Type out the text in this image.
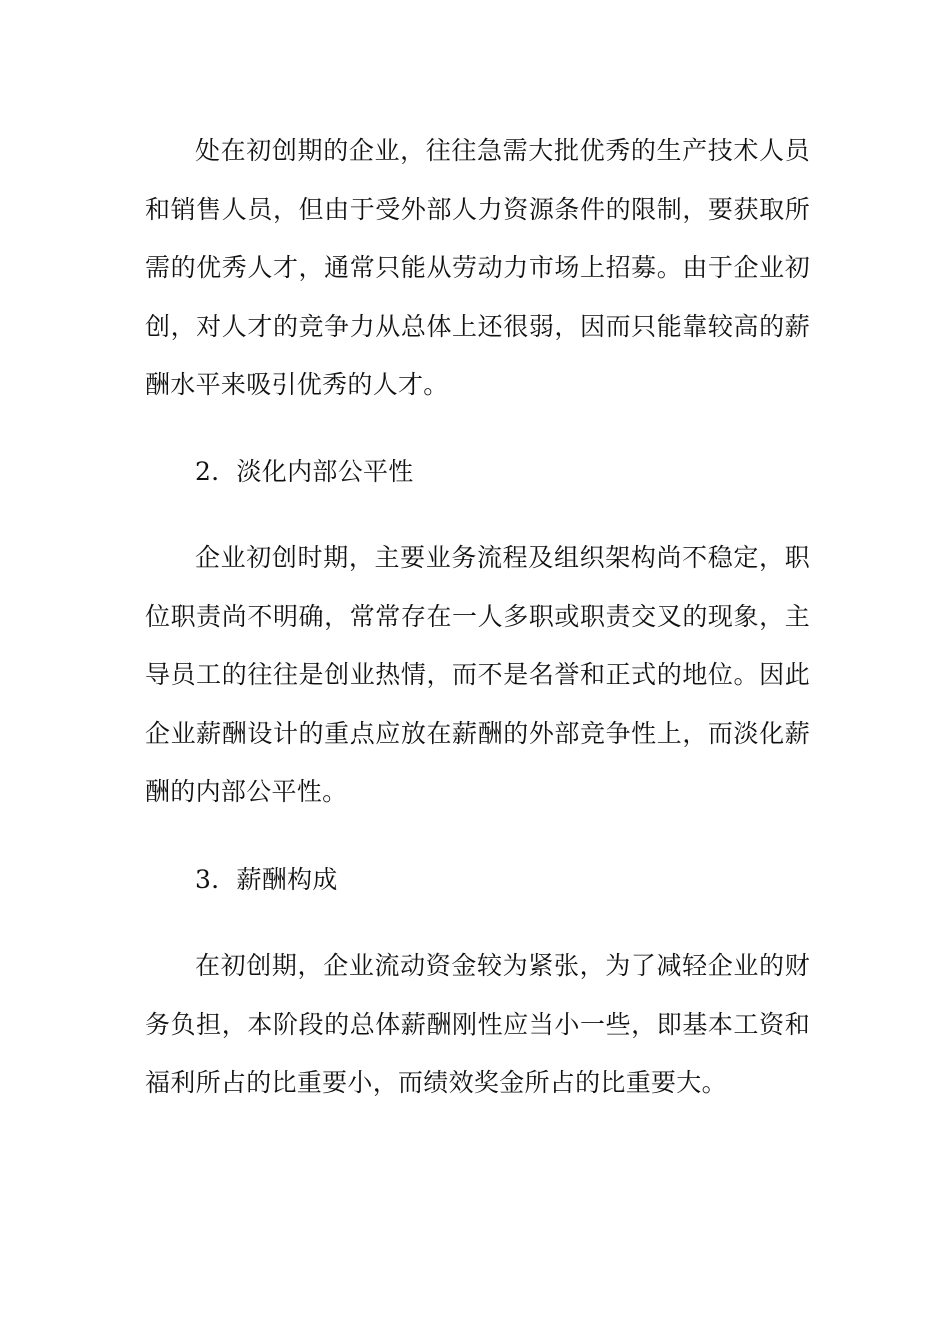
处在初创期的企业，往往急需大批优秀的生产技术人员和销售人员，但由于受外部人力资源条件的限制，要获取所需的优秀人才，通常只能从劳动力市场上招募。由于企业初创，对人才的竞争力从总体上还很弱，因而只能靠较高的薪酬水平来吸引优秀的人才。

2．淡化内部公平性

企业初创时期，主要业务流程及组织架构尚不稳定，职位职责尚不明确，常常存在一人多职或职责交叉的现象，主导员工的往往是创业热情，而不是名誉和正式的地位。因此企业薪酬设计的重点应放在薪酬的外部竞争性上，而淡化薪酬的内部公平性。

3．薪酬构成

在初创期，企业流动资金较为紧张，为了减轻企业的财务负担，本阶段的总体薪酬刚性应当小一些，即基本工资和福利所占的比重要小，而绩效奖金所占的比重要大。
